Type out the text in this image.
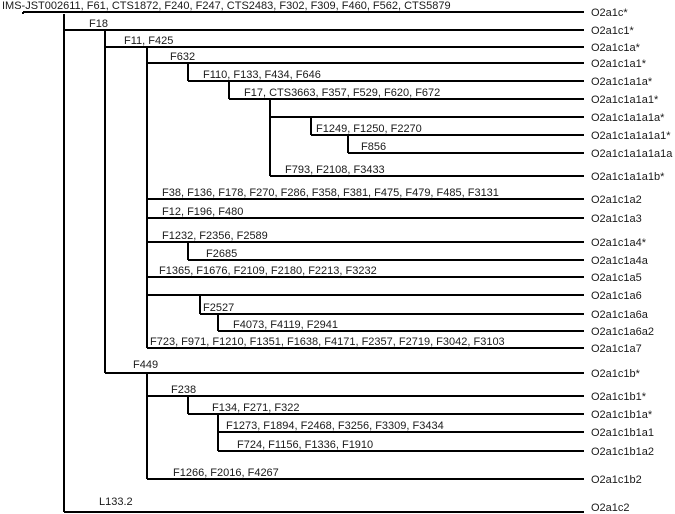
IMS-JST002611, F61, CTS1872, F240, F247, CTS2483, F302, F309, F460, F562, CTS5879
F18
F11, F425
F632
F110, F133, F434, F646
F17, CTS3663, F357, F529, F620, F672
F1249, F1250, F2270
F856
F793, F2108, F3433
F38, F136, F178, F270, F286, F358, F381, F475, F479, F485, F3131
F12, F196, F480
F1232, F2356, F2589
F2685
F1365, F1676, F2109, F2180, F2213, F3232
F2527
F4073, F4119, F2941
F723, F971, F1210, F1351, F1638, F4171, F2357, F2719, F3042, F3103
F449
F238
F134, F271, F322
F1273, F1894, F2468, F3256, F3309, F3434
F724, F1156, F1336, F1910
F1266, F2016, F4267
L133.2
O2a1c*
O2a1c1*
O2a1c1a*
O2a1c1a1*
O2a1c1a1a*
O2a1c1a1a1*
O2a1c1a1a1a*
O2a1c1a1a1a1*
O2a1c1a1a1a1a
O2a1c1a1a1b*
O2a1c1a2
O2a1c1a3
O2a1c1a4*
O2a1c1a4a
O2a1c1a5
O2a1c1a6
O2a1c1a6a
O2a1c1a6a2
O2a1c1a7
O2a1c1b*
O2a1c1b1*
O2a1c1b1a*
O2a1c1b1a1
O2a1c1b1a2
O2a1c1b2
O2a1c2
